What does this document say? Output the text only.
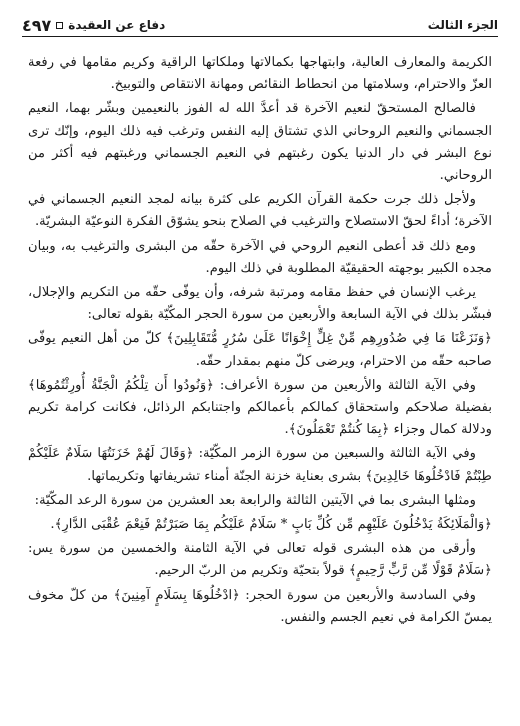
الجزء الثالث
دفاع عن العقيدة
٤٩٧

الكريمة والمعارف العالية، وابتهاجها بكمالاتها وملكاتها الراقية وكريم مقامها في رفعة العزّ والاحترام، وسلامتها من انحطاط النقائص ومهانة الانتقاص والتوبيخ.

فالصالح المستحقّ لنعيم الآخرة قد أعدَّ الله له الفوز بالنعيمين وبشّر بهما، النعيم الجسماني والنعيم الروحاني الذي تشتاق إليه النفس وترغب فيه ذلك اليوم، وإنّك ترى نوع البشر في دار الدنيا يكون رغبتهم في النعيم الجسماني ورغبتهم فيه أكثر من الروحاني.

ولأجل ذلك جرت حكمة القرآن الكريم على كثرة بيانه لمجد النعيم الجسماني في الآخرة؛ أداءً لحقّ الاستصلاح والترغيب في الصلاح بنحو يشوّق الفكرة النوعيّة البشريّة.

ومع ذلك قد أعطى النعيم الروحي في الآخرة حقّه من البشرى والترغيب به، وبيان مجده الكبير بوجهته الحقيقيّة المطلوبة في ذلك اليوم.

يرغب الإنسان في حفظ مقامه ومرتبة شرفه، وأن يوفّى حقّه من التكريم والإجلال، فبشّر بذلك في الآية السابعة والأربعين من سورة الحجر المكّيّة بقوله تعالى:

﴿وَنَزَعْنَا مَا فِي صُدُورِهِم مِّنْ غِلٍّ إِخْوَانًا عَلَىٰ سُرُرٍ مُّتَقَابِلِينَ﴾ كلّ من أهل النعيم يوفّى صاحبه حقّه من الاحترام، ويرضى كلّ منهم بمقدار حقّه.

وفي الآية الثالثة والأربعين من سورة الأعراف: ﴿وَنُودُوا أَن تِلْكُمُ الْجَنَّةُ أُورِثْتُمُوهَا﴾ بفضيلة صلاحكم واستحقاق كمالكم بأعمالكم واجتنابكم الرذائل، فكانت كرامة تكريم ودلالة كمال وجزاء ﴿بِمَا كُنتُمْ تَعْمَلُونَ﴾.

وفي الآية الثالثة والسبعين من سورة الزمر المكّيّة: ﴿وَقَالَ لَهُمْ خَزَنَتُهَا سَلَامٌ عَلَيْكُمْ طِبْتُمْ فَادْخُلُوهَا خَالِدِينَ﴾ بشرى بعناية خزنة الجنّة أمناء تشريفاتها وتكريماتها.

ومثلها البشرى بما في الآيتين الثالثة والرابعة بعد العشرين من سورة الرعد المكّيّة:

﴿وَالْمَلَائِكَةُ يَدْخُلُونَ عَلَيْهِم مِّن كُلِّ بَابٍ * سَلَامٌ عَلَيْكُم بِمَا صَبَرْتُمْ فَنِعْمَ عُقْبَى الدَّارِ﴾.

وأرقى من هذه البشرى قوله تعالى في الآية الثامنة والخمسين من سورة يس: ﴿سَلَامٌ قَوْلًا مِّن رَّبٍّ رَّحِيمٍ﴾ قولاً بتحيّة وتكريم من الربّ الرحيم.

وفي السادسة والأربعين من سورة الحجر: ﴿ادْخُلُوهَا بِسَلَامٍ آمِنِينَ﴾ من كلّ مخوف يمسّ الكرامة في نعيم الجسم والنفس.
